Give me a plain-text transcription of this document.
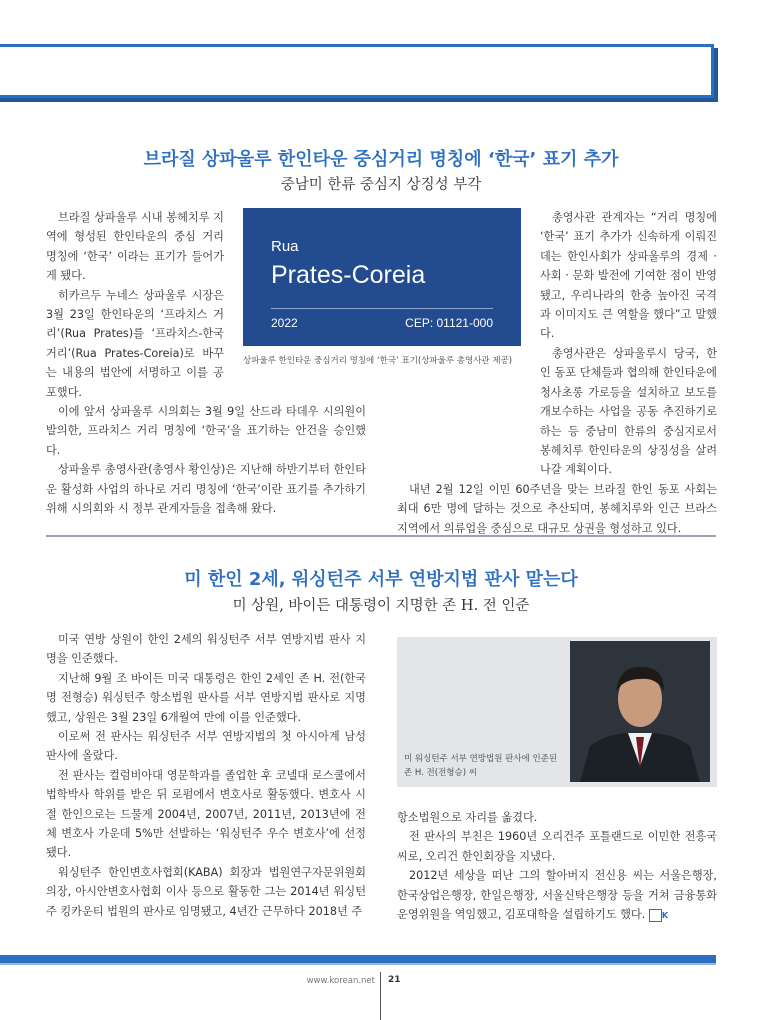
브라질 상파울루 한인타운 중심거리 명칭에 ‘한국’ 표기 추가
중남미 한류 중심지 상징성 부각

브라질 상파울루 시내 봉헤치루 지역에 형성된 한인타운의 중심 거리 명칭에 ‘한국’ 이라는 표기가 들어가게 됐다.

히카르두 누네스 상파울루 시장은 3월 23일 한인타운의 ‘프라치스 거리’(Rua Prates)를 ‘프라치스-한국 거리’(Rua Prates-Coreia)로 바꾸는 내용의 법안에 서명하고 이를 공포했다.

Rua
Prates-Coreia
2022	CEP: 01121-000
상파울루 한인타운 중심거리 명칭에 ‘한국’ 표기(상파울루 총영사관 제공)

이에 앞서 상파울루 시의회는 3월 9일 산드라 타데우 시의원이 발의한, 프라치스 거리 명칭에 ‘한국’을 표기하는 안건을 승인했다.

상파울루 총영사관(총영사 황인상)은 지난해 하반기부터 한인타운 활성화 사업의 하나로 거리 명칭에 ‘한국’이란 표기를 추가하기 위해 시의회와 시 정부 관계자들을 접촉해 왔다.

총영사관 관계자는 “거리 명칭에 ‘한국’ 표기 추가가 신속하게 이뤄진 데는 한인사회가 상파울루의 경제 · 사회 · 문화 발전에 기여한 점이 반영됐고, 우리나라의 한층 높아진 국격과 이미지도 큰 역할을 했다”고 말했다.

총영사관은 상파울루시 당국, 한인 동포 단체들과 협의해 한인타운에 청사초롱 가로등을 설치하고 보도를 개보수하는 사업을 공동 추진하기로 하는 등 중남미 한류의 중심지로서 봉헤치루 한인타운의 상징성을 살려 나갈 계획이다.

내년 2월 12일 이민 60주년을 맞는 브라질 한인 동포 사회는 최대 6만 명에 달하는 것으로 추산되며, 봉헤치루와 인근 브라스 지역에서 의류업을 중심으로 대규모 상권을 형성하고 있다.

미 한인 2세, 워싱턴주 서부 연방지법 판사 맡는다
미 상원, 바이든 대통령이 지명한 존 H. 전 인준

미국 연방 상원이 한인 2세의 워싱턴주 서부 연방지법 판사 지명을 인준했다.

지난해 9월 조 바이든 미국 대통령은 한인 2세인 존 H. 전(한국명 전형승) 워싱턴주 항소법원 판사를 서부 연방지법 판사로 지명했고, 상원은 3월 23일 6개월여 만에 이를 인준했다.

이로써 전 판사는 워싱턴주 서부 연방지법의 첫 아시아계 남성 판사에 올랐다.

전 판사는 컬럼비아대 영문학과를 졸업한 후 코넬대 로스쿨에서 법학박사 학위를 받은 뒤 로펌에서 변호사로 활동했다. 변호사 시절 한인으로는 드물게 2004년, 2007년, 2011년, 2013년에 전체 변호사 가운데 5%만 선발하는 ‘워싱턴주 우수 변호사’에 선정됐다.

워싱턴주 한인변호사협회(KABA) 회장과 법원연구자문위원회 의장, 아시안변호사협회 이사 등으로 활동한 그는 2014년 워싱턴주 킹카운티 법원의 판사로 임명됐고, 4년간 근무하다 2018년 주

미 워싱턴주 서부 연방법원 판사에 인준된 존 H. 전(전형승) 씨

항소법원으로 자리를 옮겼다.

전 판사의 부친은 1960년 오리건주 포틀랜드로 이민한 전흥국 씨로, 오리건 한인회장을 지냈다.

2012년 세상을 떠난 그의 할아버지 전신용 씨는 서울은행장, 한국상업은행장, 한일은행장, 서울신탁은행장 등을 거쳐 금융통화운영위원을 역임했고, 김포대학을 설립하기도 했다. K

www.korean.net 21
